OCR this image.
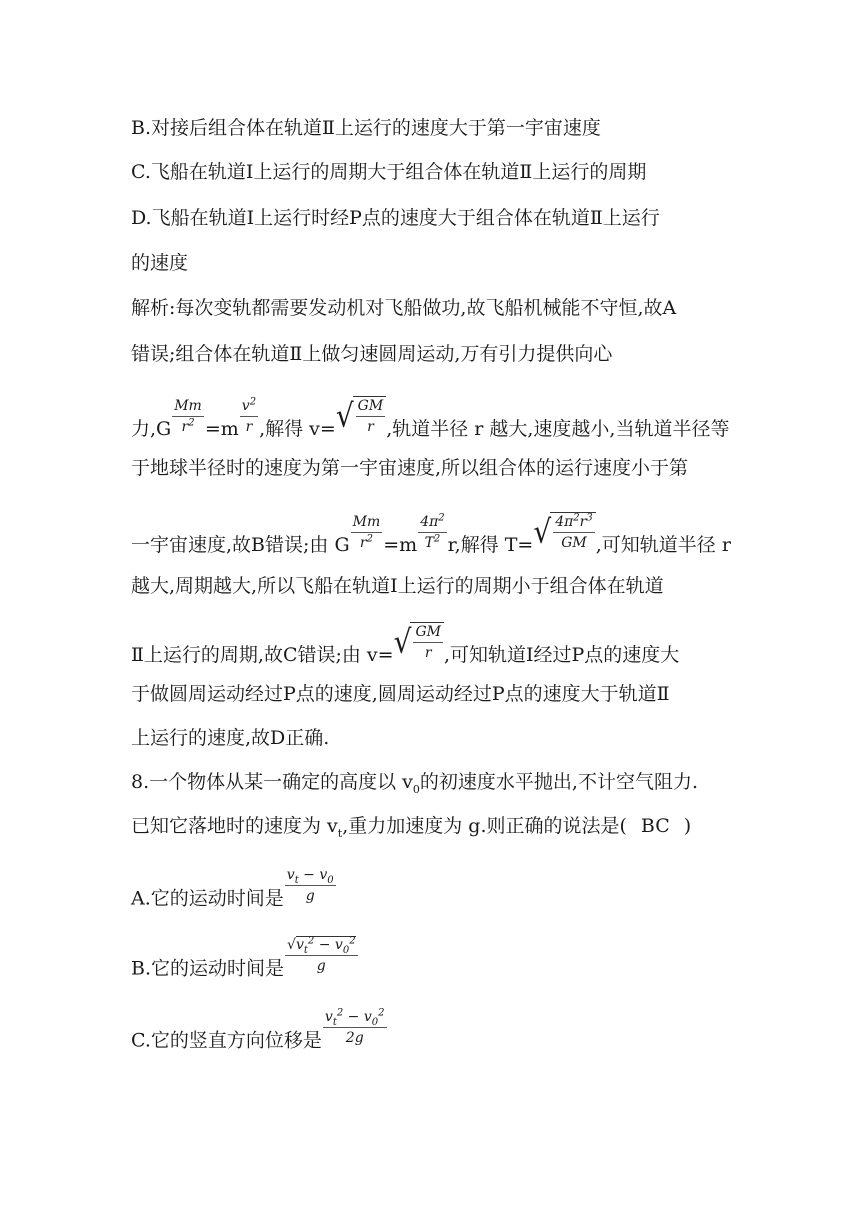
B.对接后组合体在轨道Ⅱ上运行的速度大于第一宇宙速度
C.飞船在轨道Ⅰ上运行的周期大于组合体在轨道Ⅱ上运行的周期
D.飞船在轨道Ⅰ上运行时经P点的速度大于组合体在轨道Ⅱ上运行
的速度
解析:每次变轨都需要发动机对飞船做功,故飞船机械能不守恒,故A
错误;组合体在轨道Ⅱ上做匀速圆周运动,万有引力提供向心
力$,G \frac{Mm}{r^2} =m \frac{v^2}{r}$ ,解得 v= √ $\frac{GM}{r}$ ,轨道半径 r 越大,速度越小,当轨道半径等
于地球半径时的速度为第一宇宙速度,所以组合体的运行速度小于第
一宇宙速度,故B错误;由 G $\frac{Mm}{r^2} =m \frac{4\pi^2}{T^2} r$,解得 T= √ $\frac{4\pi^2r^3}{GM}$ ,可知轨道半径 r
越大,周期越大,所以飞船在轨道Ⅰ上运行的周期小于组合体在轨道
Ⅱ上运行的周期,故C错误;由 v= √ $\frac{GM}{r}$ ,可知轨道Ⅰ经过P点的速度大
于做圆周运动经过P点的速度,圆周运动经过P点的速度大于轨道Ⅱ
上运行的速度,故D正确.
8.一个物体从某一确定的高度以 $v_0$的初速度水平抛出,不计空气阻力.
已知它落地时的速度为 $v_t$,重力加速度为 g.则正确的说法是( BC )
A.它的运动时间是 $\frac{v_t - v_0}{g}$
B.它的运动时间是 $\frac{√v_t^2 - v_0^2}{g}$
C.它的竖直方向位移是 $\frac{v_t^2 - v_0^2}{2g}$
